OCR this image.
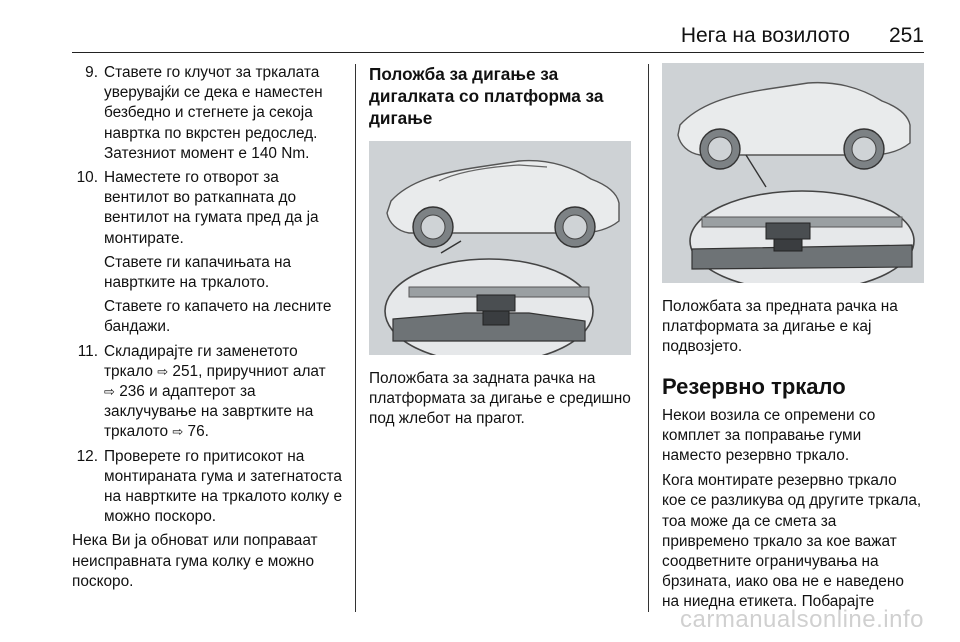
Нега на возилото 251
9. Ставете го клучот за тркалата уверувајќи се дека е наместен безбедно и стегнете ја секоја навртка по вкрстен редослед. Затезниот момент е 140 Nm.
10. Наместете го отворот за вентилот во раткапната до вентилот на гумата пред да ја монтирате.
Ставете ги капачињата на навртките на тркалото.
Ставете го капачето на лесните бандажи.
11. Складирајте ги заменетото тркало ⇨ 251, приручниот алат
⇨ 236 и адаптерот за заклучување на завртките на тркалото ⇨ 76.
12. Проверете го притисокот на монтираната гума и затегнатоста на навртките на тркалото колку е можно поскоро.
Нека Ви ја обноват или поправаат неисправната гума колку е можно поскоро.
Положба за дигање за дигалката со платформа за дигање
Положбата за задната рачка на платформата за дигање е средишно под жлебот на прагот.
Положбата за предната рачка на платформата за дигање е кај подвозјето.
Резервно тркало
Некои возила се опремени со комплет за поправање гуми наместо резервно тркало.
Кога монтирате резервно тркало кое се разликува од другите тркала, тоа може да се смета за привремено тркало за кое важат соодветните ограничувања на брзината, иако ова не е наведено на ниедна етикета. Побарајте
carmanualsonline.info
